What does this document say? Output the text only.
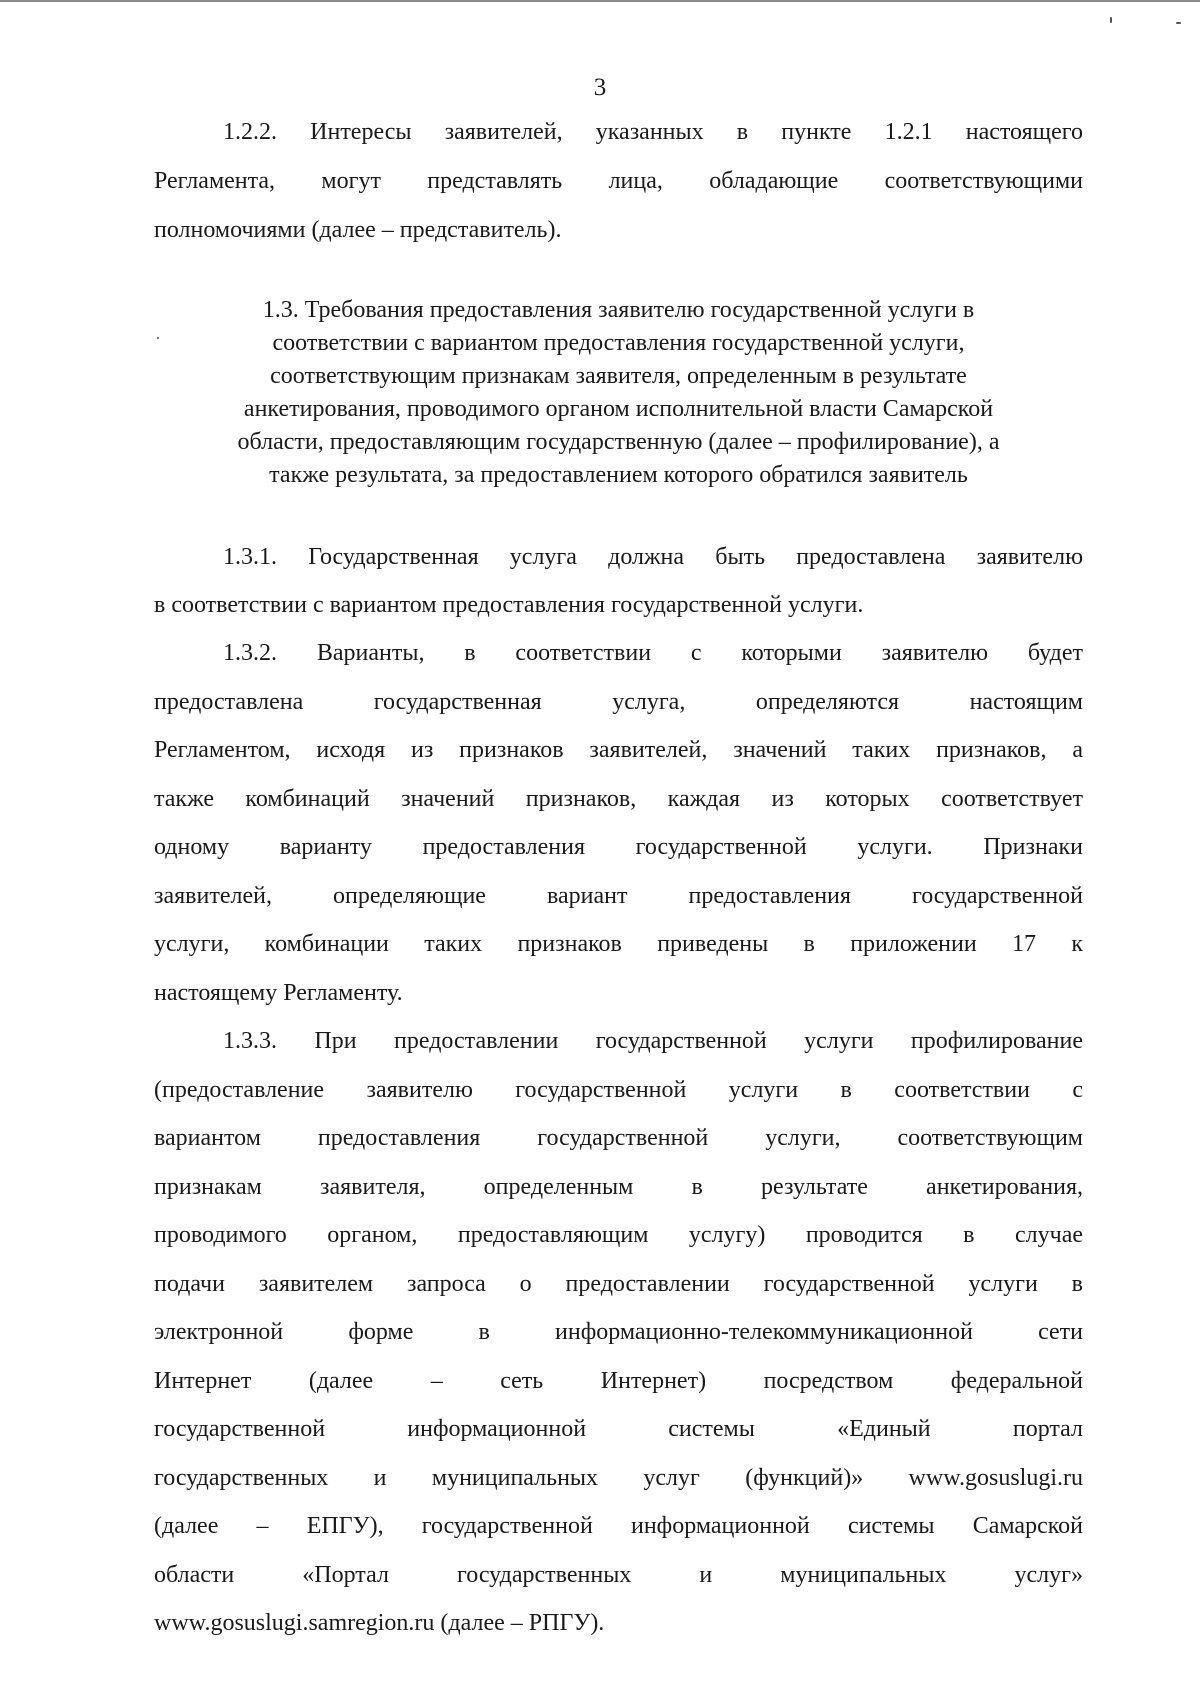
3
1.2.2. Интересы заявителей, указанных в пункте 1.2.1 настоящего
Регламента, могут представлять лица, обладающие соответствующими
полномочиями (далее – представитель).
1.3. Требования предоставления заявителю государственной услуги в
соответствии с вариантом предоставления государственной услуги,
соответствующим признакам заявителя, определенным в результате
анкетирования, проводимого органом исполнительной власти Самарской
области, предоставляющим государственную (далее – профилирование), а
также результата, за предоставлением которого обратился заявитель
1.3.1. Государственная услуга должна быть предоставлена заявителю
в соответствии с вариантом предоставления государственной услуги.
1.3.2. Варианты, в соответствии с которыми заявителю будет
предоставлена государственная услуга, определяются настоящим
Регламентом, исходя из признаков заявителей, значений таких признаков, а
также комбинаций значений признаков, каждая из которых соответствует
одному варианту предоставления государственной услуги. Признаки
заявителей, определяющие вариант предоставления государственной
услуги, комбинации таких признаков приведены в приложении 17 к
настоящему Регламенту.
1.3.3. При предоставлении государственной услуги профилирование
(предоставление заявителю государственной услуги в соответствии с
вариантом предоставления государственной услуги, соответствующим
признакам заявителя, определенным в результате анкетирования,
проводимого органом, предоставляющим услугу) проводится в случае
подачи заявителем запроса о предоставлении государственной услуги в
электронной форме в информационно-телекоммуникационной сети
Интернет (далее – сеть Интернет) посредством федеральной
государственной информационной системы «Единый портал
государственных и муниципальных услуг (функций)» www.gosuslugi.ru
(далее – ЕПГУ), государственной информационной системы Самарской
области «Портал государственных и муниципальных услуг»
www.gosuslugi.samregion.ru (далее – РПГУ).
